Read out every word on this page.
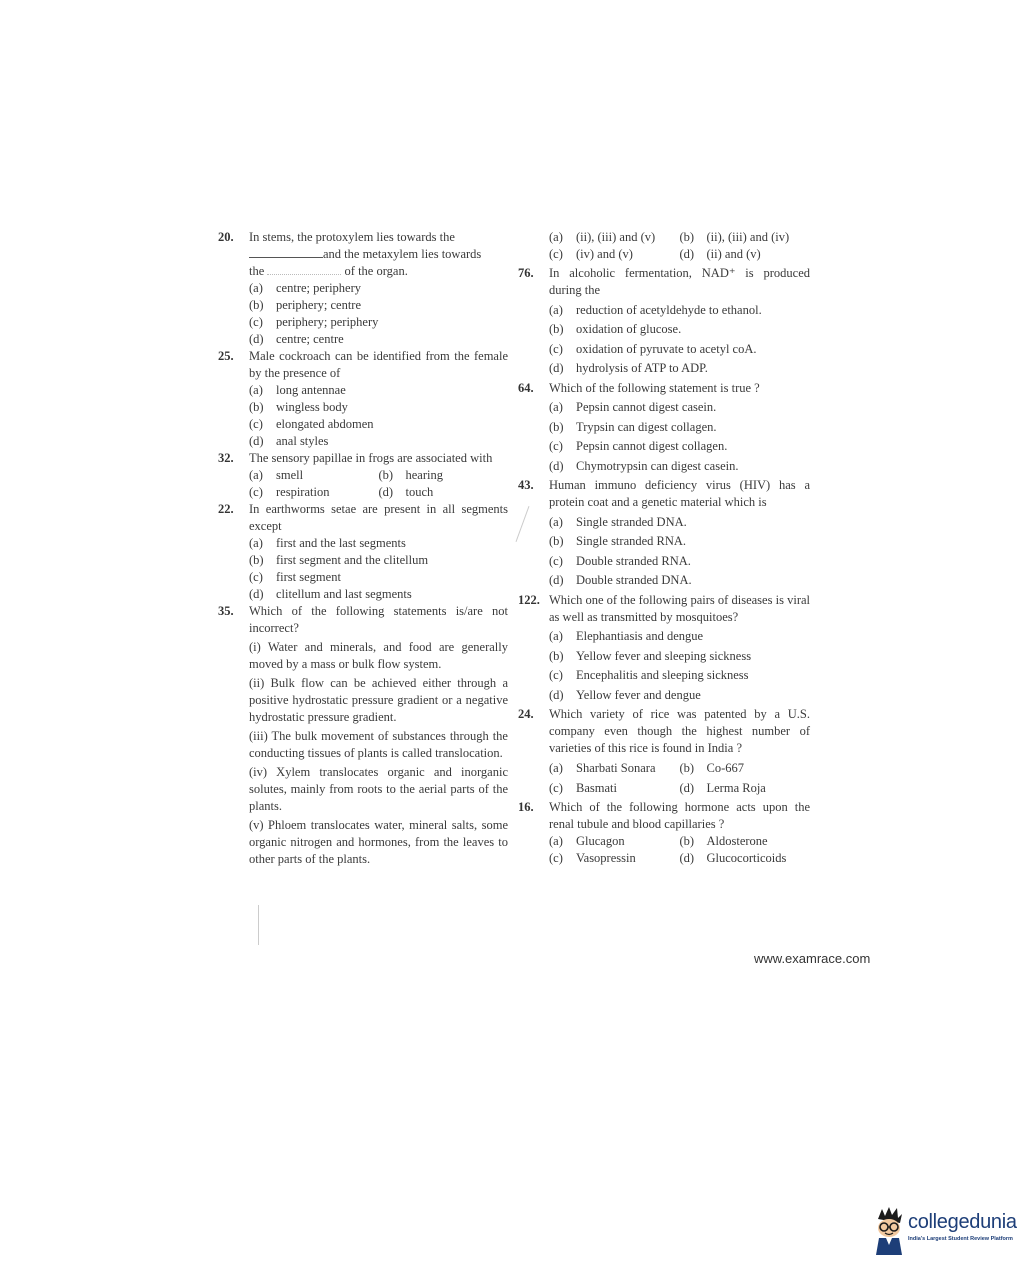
20. In stems, the protoxylem lies towards the
and the metaxylem lies towards
the	of the organ.
(a) centre; periphery
(b) periphery; centre
(c) periphery; periphery
(d) centre; centre
25. Male cockroach can be identified from the female by the presence of
(a) long antennae
(b) wingless body
(c) elongated abdomen
(d) anal styles
32. The sensory papillae in frogs are associated with
(a) smell	(b) hearing
(c) respiration	(d) touch
22. In earthworms setae are present in all segments except
(a) first and the last segments
(b) first segment and the clitellum
(c) first segment
(d) clitellum and last segments
35. Which of the following statements is/are not incorrect?
(i) Water and minerals, and food are generally moved by a mass or bulk flow system.
(ii) Bulk flow can be achieved either through a positive hydrostatic pressure gradient or a negative hydrostatic pressure gradient.
(iii) The bulk movement of substances through the conducting tissues of plants is called translocation.
(iv) Xylem translocates organic and inorganic solutes, mainly from roots to the aerial parts of the plants.
(v) Phloem translocates water, mineral salts, some organic nitrogen and hormones, from the leaves to other parts of the plants.
(a) (ii), (iii) and (v)	(b) (ii), (iii) and (iv)
(c) (iv) and (v)	(d) (ii) and (v)
76. In alcoholic fermentation, NAD⁺ is produced during the
(a) reduction of acetyldehyde to ethanol.
(b) oxidation of glucose.
(c) oxidation of pyruvate to acetyl coA.
(d) hydrolysis of ATP to ADP.
64. Which of the following statement is true ?
(a) Pepsin cannot digest casein.
(b) Trypsin can digest collagen.
(c) Pepsin cannot digest collagen.
(d) Chymotrypsin can digest casein.
43. Human immuno deficiency virus (HIV) has a protein coat and a genetic material which is
(a) Single stranded DNA.
(b) Single stranded RNA.
(c) Double stranded RNA.
(d) Double stranded DNA.
122. Which one of the following pairs of diseases is viral as well as transmitted by mosquitoes?
(a) Elephantiasis and dengue
(b) Yellow fever and sleeping sickness
(c) Encephalitis and sleeping sickness
(d) Yellow fever and dengue
24. Which variety of rice was patented by a U.S. company even though the highest number of varieties of this rice is found in India ?
(a) Sharbati Sonara	(b) Co-667
(c) Basmati	(d) Lerma Roja
16. Which of the following hormone acts upon the renal tubule and blood capillaries ?
(a) Glucagon	(b) Aldosterone
(c) Vasopressin	(d) Glucocorticoids
www.examrace.com
collegedunia
India's Largest Student Review Platform
